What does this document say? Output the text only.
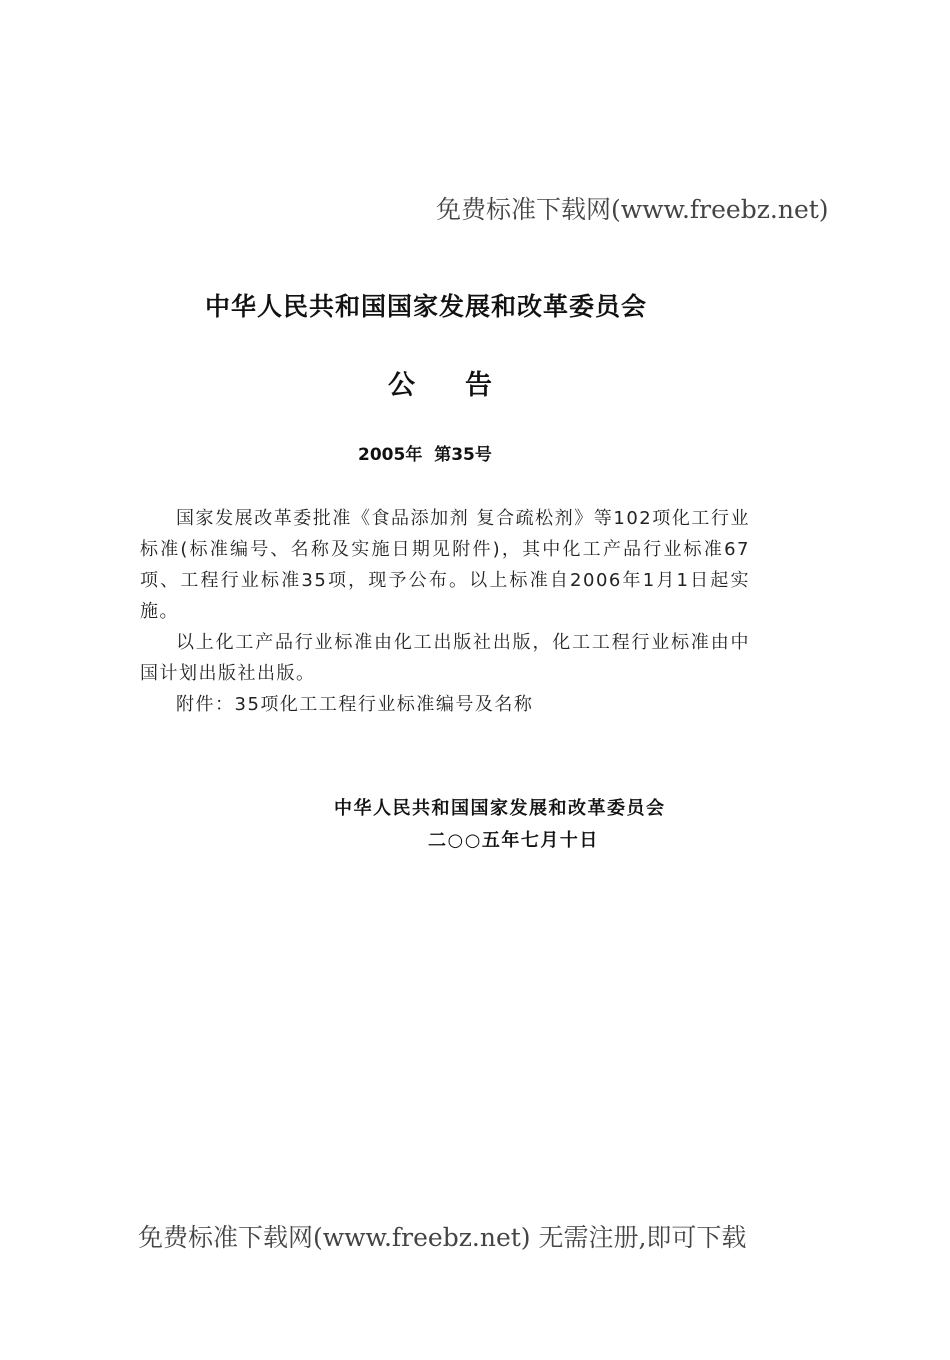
免费标准下载网(www.freebz.net)
中华人民共和国国家发展和改革委员会
公告
2005年 第35号

国家发展改革委批准《食品添加剂 复合疏松剂》等102项化工行业标准(标准编号、名称及实施日期见附件)，其中化工产品行业标准67项、工程行业标准35项，现予公布。以上标准自2006年1月1日起实施。

以上化工产品行业标准由化工出版社出版，化工工程行业标准由中国计划出版社出版。

附件：35项化工工程行业标准编号及名称

中华人民共和国国家发展和改革委员会
二○○五年七月十日
免费标准下载网(www.freebz.net) 无需注册,即可下载
